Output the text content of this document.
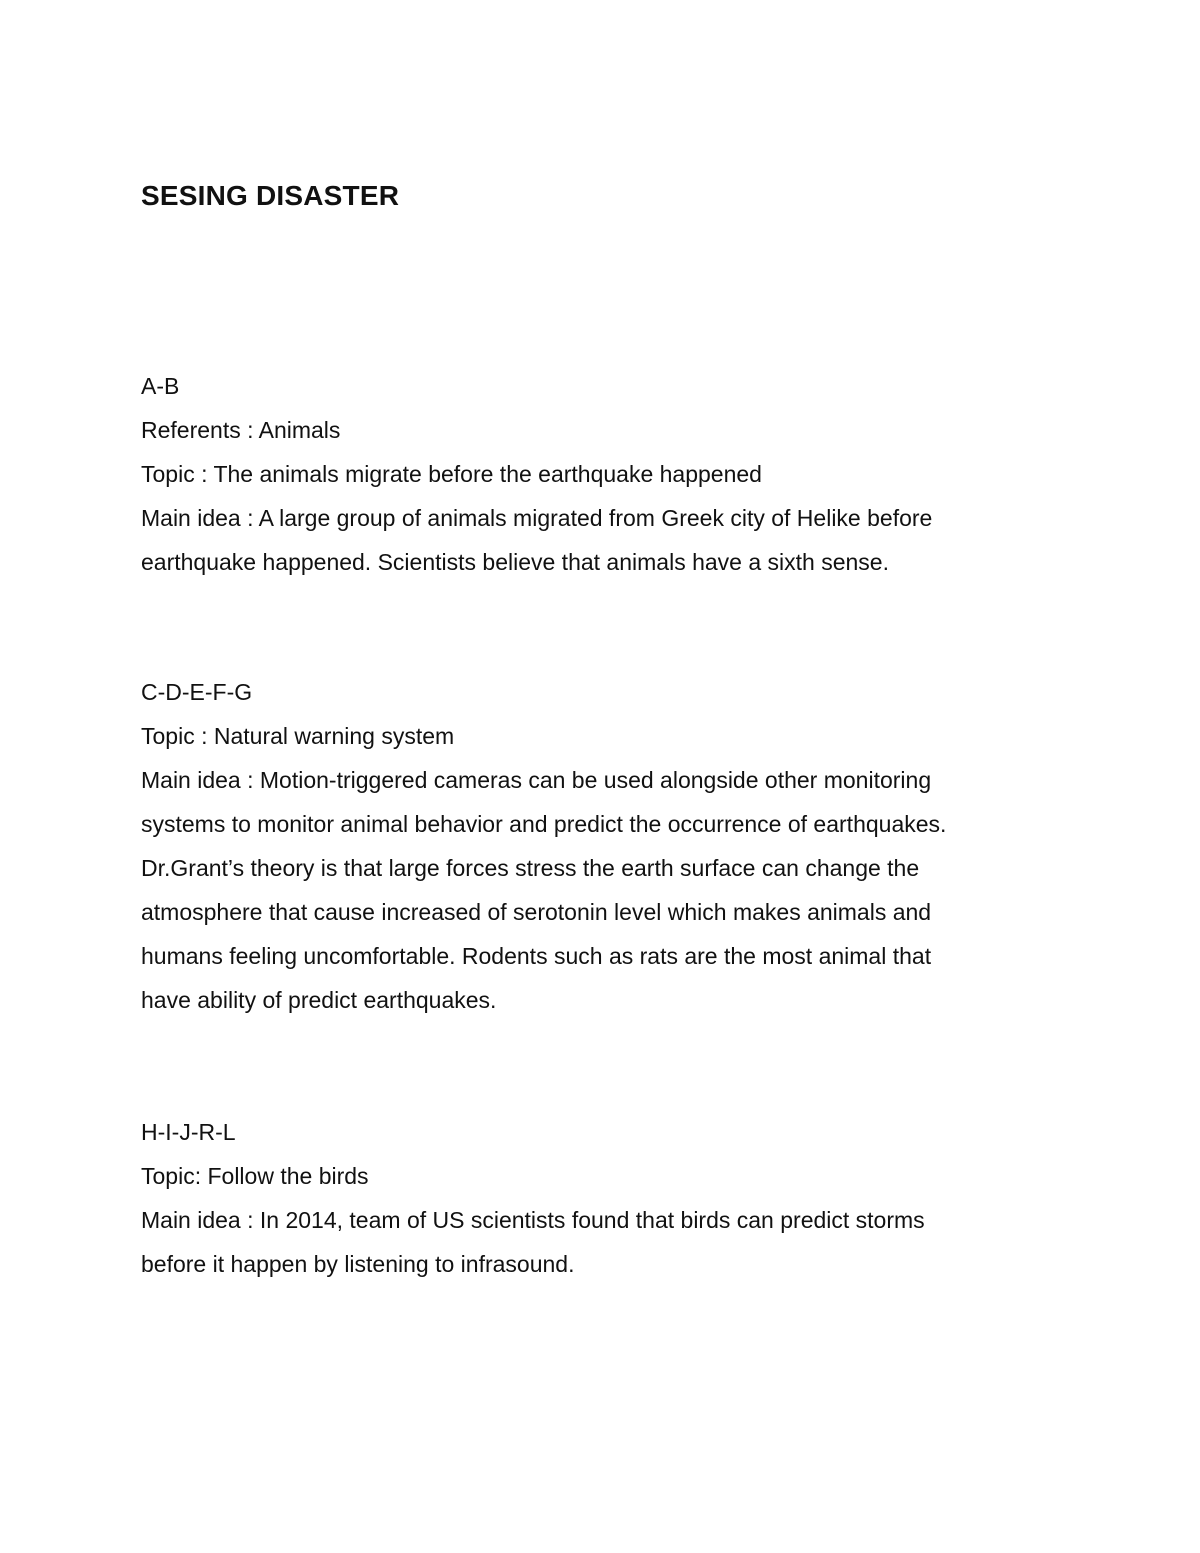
SESING DISASTER

A-B

Referents : Animals

Topic : The animals migrate before the earthquake happened

Main idea : A large group of animals migrated from Greek city of Helike before

earthquake happened. Scientists believe that animals have a sixth sense.

C-D-E-F-G

Topic : Natural warning system

Main idea : Motion-triggered cameras can be used alongside other monitoring

systems to monitor animal behavior and predict the occurrence of earthquakes.

Dr.Grant’s theory is that large forces stress the earth surface can change the

atmosphere that cause increased of serotonin level which makes animals and

humans feeling uncomfortable. Rodents such as rats are the most animal that

have ability of predict earthquakes.

H-I-J-R-L

Topic: Follow the birds

Main idea : In 2014, team of US scientists found that birds can predict storms

before it happen by listening to infrasound.
